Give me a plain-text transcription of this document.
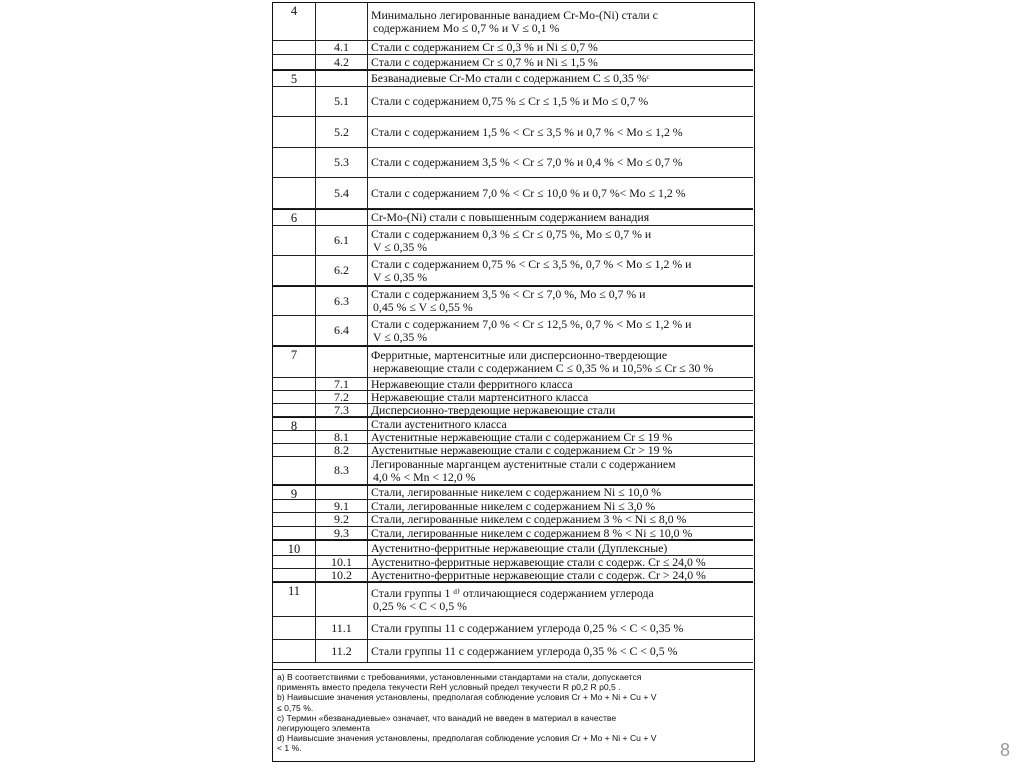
4	Минимально легированные ванадием Cr-Mo-(Ni) стали с
содержанием Mo ≤ 0,7 % и V ≤ 0,1 %
4.1	Стали с содержанием Cr ≤ 0,3 % и Ni ≤ 0,7 %
4.2	Стали с содержанием Cr ≤ 0,7 % и Ni ≤ 1,5 %
5	Безванадиевые Cr-Mo стали с содержанием C ≤ 0,35 %ᶜ
5.1	Стали с содержанием 0,75 % ≤ Cr ≤ 1,5 % и Mo ≤ 0,7 %
5.2	Стали с содержанием 1,5 % < Cr ≤ 3,5 % и 0,7 % < Mo ≤ 1,2 %
5.3	Стали с содержанием 3,5 % < Cr ≤ 7,0 % и 0,4 % < Mo ≤ 0,7 %
5.4	Стали с содержанием 7,0 % < Cr ≤ 10,0 % и 0,7 %< Mo ≤ 1,2 %
6	Cr-Mo-(Ni) стали с повышенным содержанием ванадия
6.1	Стали с содержанием 0,3 % ≤ Cr ≤ 0,75 %, Mo ≤ 0,7 % и
V ≤ 0,35 %
6.2	Стали с содержанием 0,75 % < Cr ≤ 3,5 %, 0,7 % < Mo ≤ 1,2 % и
V ≤ 0,35 %
6.3	Стали с содержанием 3,5 % < Cr ≤ 7,0 %, Mo ≤ 0,7 % и
0,45 % ≤ V ≤ 0,55 %
6.4	Стали с содержанием 7,0 % < Cr ≤ 12,5 %, 0,7 % < Mo ≤ 1,2 % и
V ≤ 0,35 %
7	Ферритные, мартенситные или дисперсионно-твердеющие
нержавеющие стали с содержанием C ≤ 0,35 % и 10,5% ≤ Cr ≤ 30 %
7.1	Нержавеющие стали ферритного класса
7.2	Нержавеющие стали мартенситного класса
7.3	Дисперсионно-твердеющие нержавеющие стали
8	Стали аустенитного класса
8.1	Аустенитные нержавеющие стали с содержанием Cr ≤ 19 %
8.2	Аустенитные нержавеющие стали с содержанием Cr > 19 %
8.3	Легированные марганцем аустенитные стали с содержанием
4,0 % < Mn < 12,0 %
9	Стали, легированные никелем с содержанием Ni ≤ 10,0 %
9.1	Стали, легированные никелем с содержанием Ni ≤ 3,0 %
9.2	Стали, легированные никелем с содержанием 3 % < Ni ≤ 8,0 %
9.3	Стали, легированные никелем с содержанием 8 % < Ni ≤ 10,0 %
10	Аустенитно-ферритные нержавеющие стали (Дуплексные)
10.1	Аустенитно-ферритные нержавеющие стали с содерж. Cr ≤ 24,0 %
10.2	Аустенитно-ферритные нержавеющие стали с содерж. Cr > 24,0 %
11	Стали группы 1 ᵈ⁾ отличающиеся содержанием углерода
0,25 % < C < 0,5 %
11.1	Стали группы 11 с содержанием углерода 0,25 % < C < 0,35 %
11.2	Стали группы 11 с содержанием углерода 0,35 % < C < 0,5 %
a) В соответствиями с требованиями, установленными стандартами на стали, допускается
применять вместо предела текучести ReH условный предел текучести R p0,2 R p0,5 .
b) Наивысшие значения установлены, предполагая соблюдение условия Cr + Mo + Ni + Cu + V
≤ 0,75 %.
c) Термин «безванадиевые» означает, что ванадий не введен в материал в качестве
легирующего элемента
d) Наивысшие значения установлены, предполагая соблюдение условия Cr + Mo + Ni + Cu + V
< 1 %.	8
